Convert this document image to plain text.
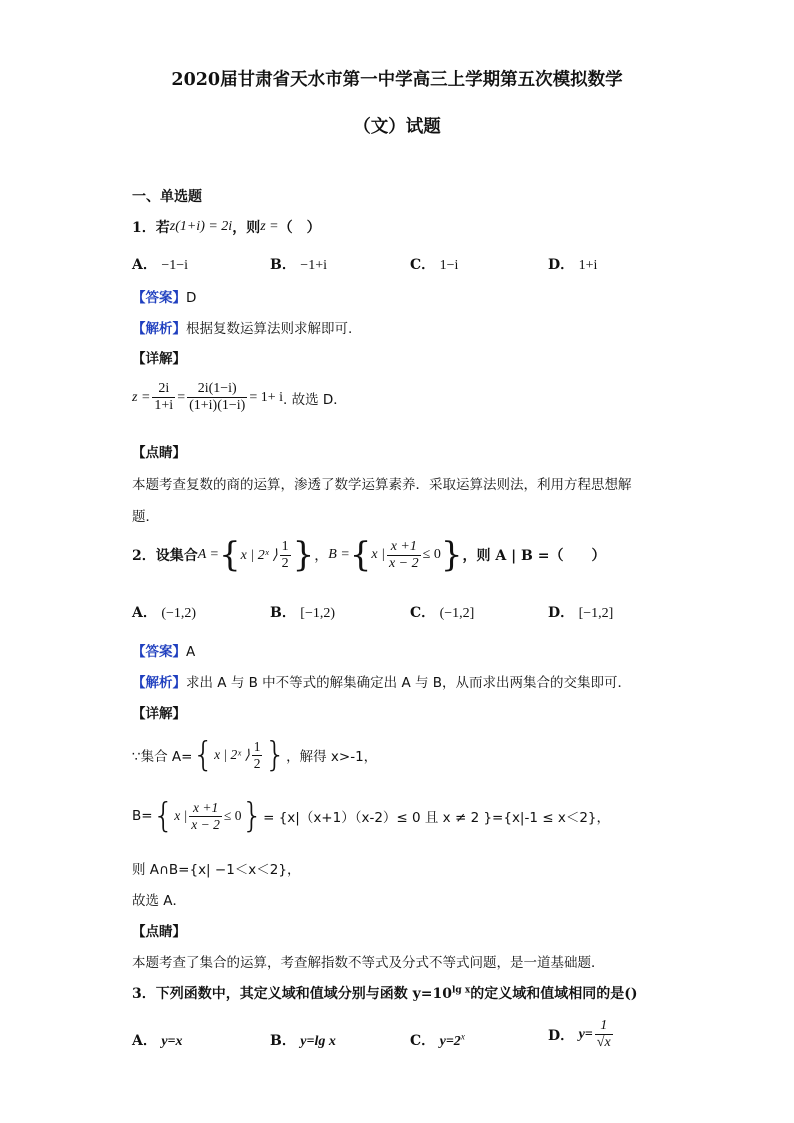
2020届甘肃省天水市第一中学高三上学期第五次模拟数学
（文）试题
一、单选题
1． 若 z(1+i) = 2i ，则 z = （　）
A． −1−i	B． −1+i	C． 1−i	D． 1+i
【答案】D
【解析】根据复数运算法则求解即可.
【详解】
$z = \frac{2i}{1+i} = \frac{2i(1-i)}{(1+i)(1-i)} = 1+ i$ . 故选 D．
【点睛】
本题考查复数的商的运算，渗透了数学运算素养．采取运算法则法，利用方程思想解
题．
2． 设集合 A = { x | 2ˣ ⟩ $\frac{1}{2}$ } ， B = { x | $\frac{x +1}{x - 2} \le 0$ } ，则 A | B =（　　）
A． (−1,2)	B． [−1,2)	C． (−1,2]	D． [−1,2]
【答案】A
【解析】求出 A 与 B 中不等式的解集确定出 A 与 B，从而求出两集合的交集即可．
【详解】
∵集合 A= { x | 2ˣ ⟩ $\frac{1}{2}$ } ，解得 x>-1，
B= { x | $\frac{x +1}{x - 2} \le 0$ } = {x|（x+1）（x-2）≤ 0 且 x ≠ 2 }={x|-1 ≤ x＜2}，
则 A∩B={x| −1＜x＜2}，
故选 A．
【点睛】
本题考查了集合的运算，考查解指数不等式及分式不等式问题，是一道基础题．
3．下列函数中，其定义域和值域分别与函数 $y=10^{lg x}$的定义域和值域相同的是()
A． y=x	B． y=lg x	C． $y=2^x$	D．
$y= \frac{1}{√x}$
